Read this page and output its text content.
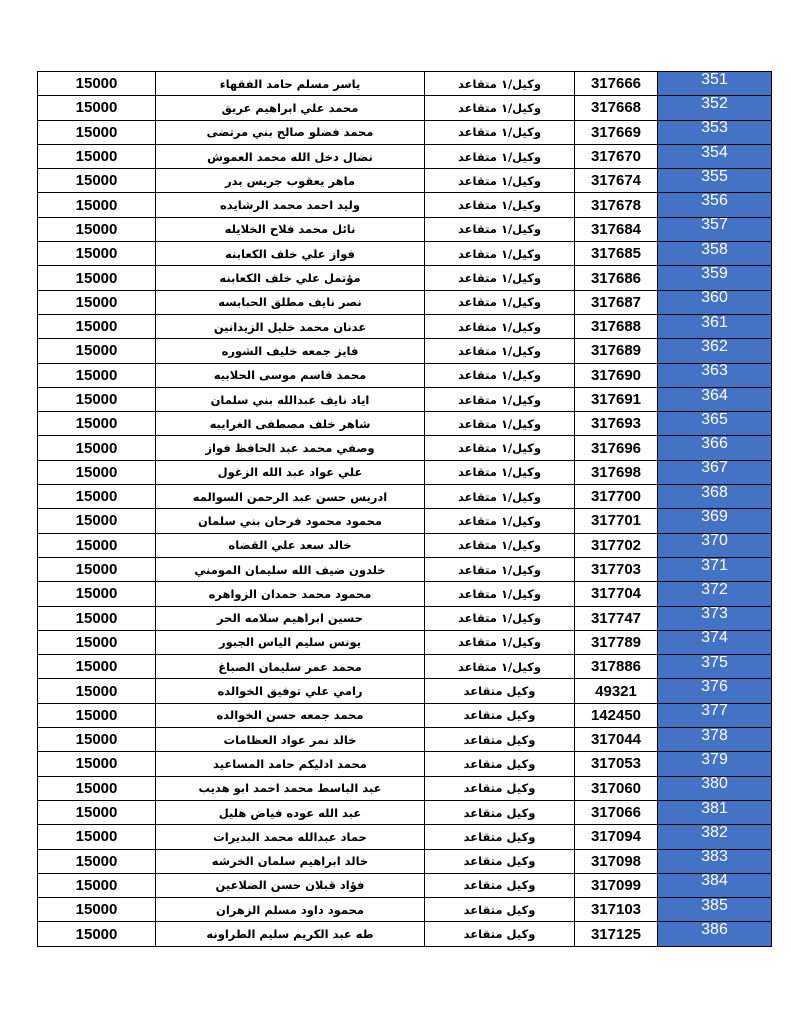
15000	ياسر مسلم حامد الفقهاء	وكيل/١ متقاعد	317666	351
15000	محمد علي ابراهيم عريق	وكيل/١ متقاعد	317668	352
15000	محمد فضلو صالح بني مرتضى	وكيل/١ متقاعد	317669	353
15000	نضال دخل الله محمد العموش	وكيل/١ متقاعد	317670	354
15000	ماهر يعقوب جريس بدر	وكيل/١ متقاعد	317674	355
15000	وليد احمد محمد الرشايده	وكيل/١ متقاعد	317678	356
15000	نائل محمد فلاح الخلايله	وكيل/١ متقاعد	317684	357
15000	فواز علي خلف الكعابنه	وكيل/١ متقاعد	317685	358
15000	مؤتمل علي خلف الكعابنه	وكيل/١ متقاعد	317686	359
15000	نصر نايف مطلق الحبابسه	وكيل/١ متقاعد	317687	360
15000	عدنان محمد خليل الزيدانين	وكيل/١ متقاعد	317688	361
15000	فايز جمعه خليف الشوره	وكيل/١ متقاعد	317689	362
15000	محمد قاسم موسى الحلابيه	وكيل/١ متقاعد	317690	363
15000	اياد نايف عبدالله بني سلمان	وكيل/١ متقاعد	317691	364
15000	شاهر خلف مصطفى الغرايبه	وكيل/١ متقاعد	317693	365
15000	وصفي محمد عبد الحافظ فواز	وكيل/١ متقاعد	317696	366
15000	علي عواد عبد الله الزغول	وكيل/١ متقاعد	317698	367
15000	ادريس حسن عبد الرحمن السوالمه	وكيل/١ متقاعد	317700	368
15000	محمود محمود فرحان بني سلمان	وكيل/١ متقاعد	317701	369
15000	خالد سعد علي القضاه	وكيل/١ متقاعد	317702	370
15000	خلدون ضيف الله سليمان المومني	وكيل/١ متقاعد	317703	371
15000	محمود محمد حمدان الزواهره	وكيل/١ متقاعد	317704	372
15000	حسين ابراهيم سلامه الحر	وكيل/١ متقاعد	317747	373
15000	يونس سليم الياس الجبور	وكيل/١ متقاعد	317789	374
15000	محمد عمر سليمان الصباغ	وكيل/١ متقاعد	317886	375
15000	رامي علي توفيق الخوالده	وكيل متقاعد	49321	376
15000	محمد جمعه حسن الخوالده	وكيل متقاعد	142450	377
15000	خالد نمر عواد العظامات	وكيل متقاعد	317044	378
15000	محمد ادليكم حامد المساعيد	وكيل متقاعد	317053	379
15000	عبد الباسط محمد احمد ابو هديب	وكيل متقاعد	317060	380
15000	عبد الله عوده فياض هليل	وكيل متقاعد	317066	381
15000	حماد عبدالله محمد البديرات	وكيل متقاعد	317094	382
15000	خالد ابراهيم سلمان الخرشه	وكيل متقاعد	317098	383
15000	فؤاد قبلان حسن الضلاعين	وكيل متقاعد	317099	384
15000	محمود داود مسلم الزهران	وكيل متقاعد	317103	385
15000	طه عبد الكريم سليم الطراونه	وكيل متقاعد	317125	386
